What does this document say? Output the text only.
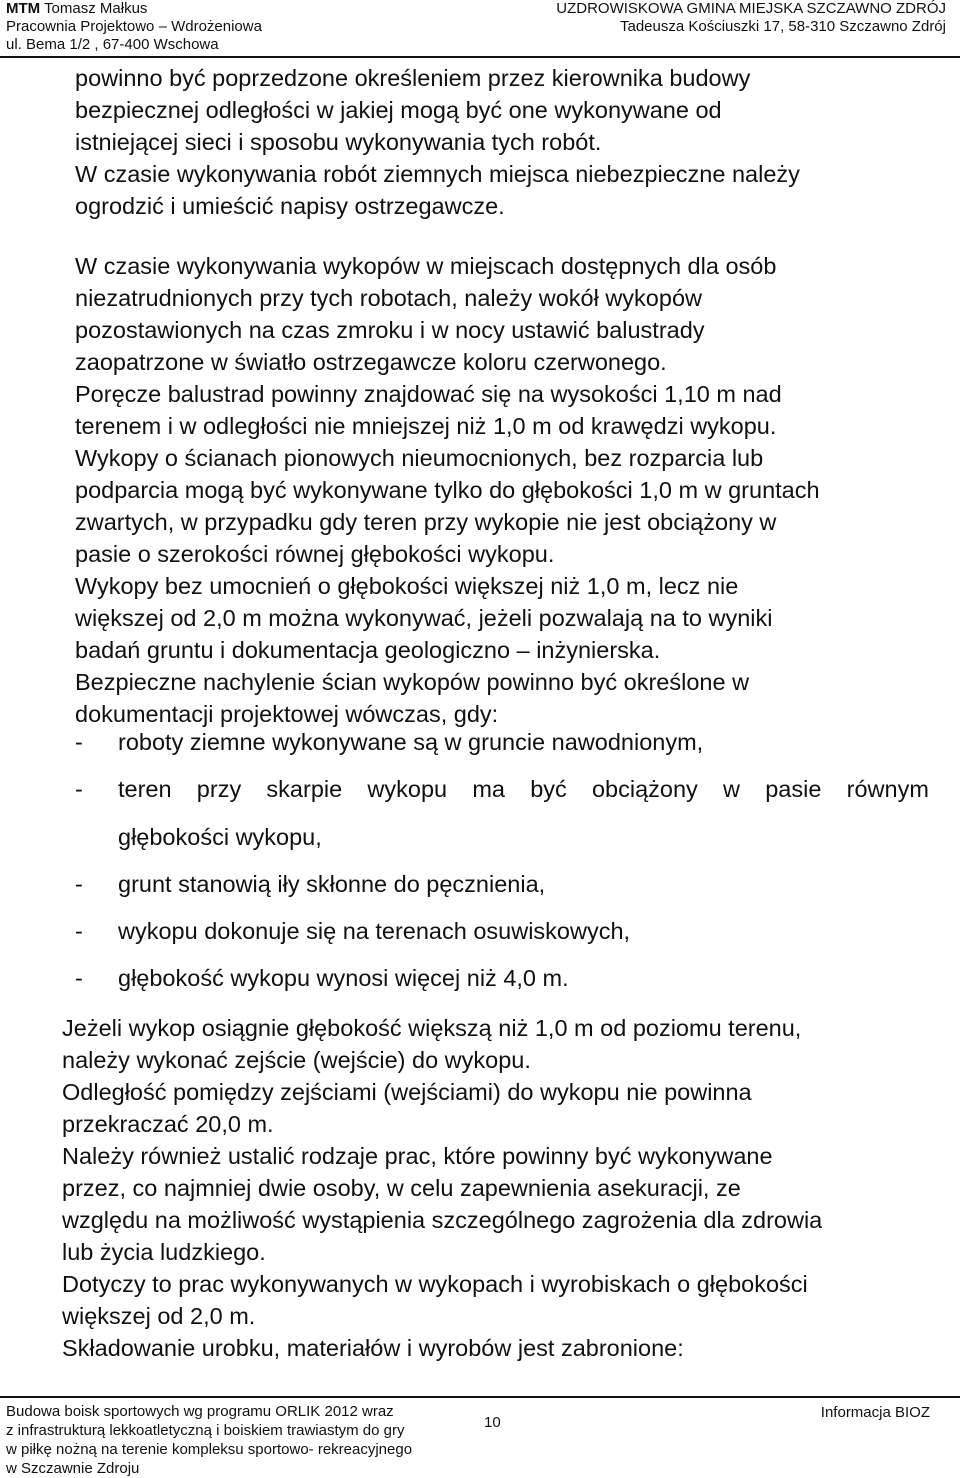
MTM Tomasz Małkus
Pracownia Projektowo – Wdrożeniowa
ul. Bema 1/2 , 67-400 Wschowa
UZDROWISKOWA GMINA MIEJSKA SZCZAWNO ZDRÓJ
Tadeusza Kościuszki 17, 58-310 Szczawno Zdrój
powinno być poprzedzone określeniem przez kierownika budowy
bezpiecznej odległości w jakiej mogą być one wykonywane od
istniejącej sieci i sposobu wykonywania tych robót.
W czasie wykonywania robót ziemnych miejsca niebezpieczne należy
ogrodzić i umieścić napisy ostrzegawcze.
W czasie wykonywania wykopów w miejscach dostępnych dla osób
niezatrudnionych przy tych robotach, należy wokół wykopów
pozostawionych na czas zmroku i w nocy ustawić balustrady
zaopatrzone w światło ostrzegawcze koloru czerwonego.
Poręcze balustrad powinny znajdować się na wysokości 1,10 m nad
terenem i w odległości nie mniejszej niż 1,0 m od krawędzi wykopu.
Wykopy o ścianach pionowych nieumocnionych, bez rozparcia lub
podparcia mogą być wykonywane tylko do głębokości 1,0 m w gruntach
zwartych, w przypadku gdy teren przy wykopie nie jest obciążony w
pasie o szerokości równej głębokości wykopu.
Wykopy bez umocnień o głębokości większej niż 1,0 m, lecz nie
większej od 2,0 m można wykonywać, jeżeli pozwalają na to wyniki
badań gruntu i dokumentacja geologiczno – inżynierska.
Bezpieczne nachylenie ścian wykopów powinno być określone w
dokumentacji projektowej wówczas, gdy:
- roboty ziemne wykonywane są w gruncie nawodnionym,
- teren przy skarpie wykopu ma być obciążony w pasie równym
głębokości wykopu,
- grunt stanowią iły skłonne do pęcznienia,
- wykopu dokonuje się na terenach osuwiskowych,
- głębokość wykopu wynosi więcej niż 4,0 m.
Jeżeli wykop osiągnie głębokość większą niż 1,0 m od poziomu terenu,
należy wykonać zejście (wejście) do wykopu.
Odległość pomiędzy zejściami (wejściami) do wykopu nie powinna
przekraczać 20,0 m.
Należy również ustalić rodzaje prac, które powinny być wykonywane
przez, co najmniej dwie osoby, w celu zapewnienia asekuracji, ze
względu na możliwość wystąpienia szczególnego zagrożenia dla zdrowia
lub życia ludzkiego.
Dotyczy to prac wykonywanych w wykopach i wyrobiskach o głębokości
większej od 2,0 m.
Składowanie urobku, materiałów i wyrobów jest zabronione:
Budowa boisk sportowych wg programu ORLIK 2012 wraz
z infrastrukturą lekkoatletyczną i boiskiem trawiastym do gry
w piłkę nożną na terenie kompleksu sportowo- rekreacyjnego
w Szczawnie Zdroju
10
Informacja BIOZ
